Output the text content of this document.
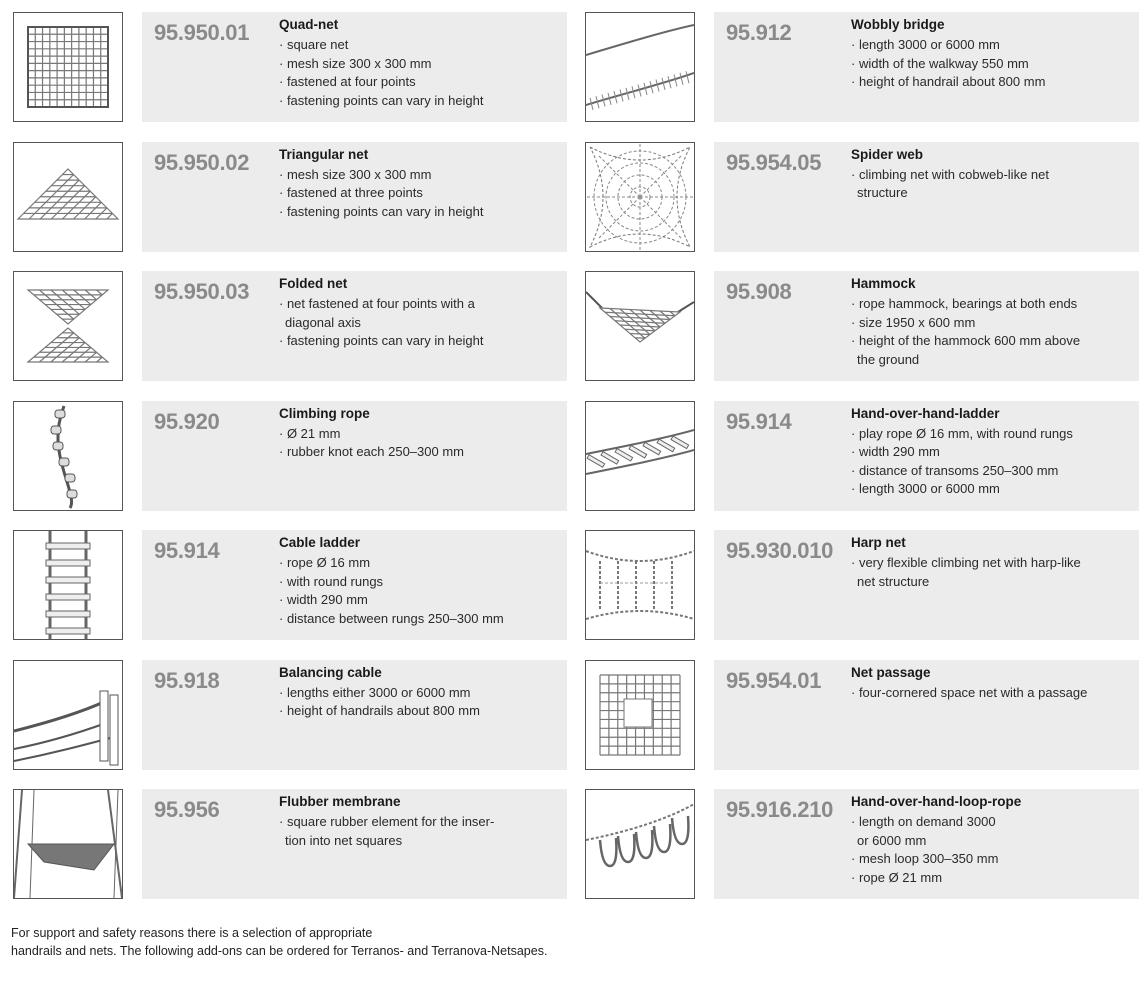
95.950.01 Quad-net
· square net
· mesh size 300 x 300 mm
· fastened at four points
· fastening points can vary in height
95.950.02 Triangular net
· mesh size 300 x 300 mm
· fastened at three points
· fastening points can vary in height
95.950.03 Folded net
· net fastened at four points with a
diagonal axis
· fastening points can vary in height
95.920	Climbing rope
· Ø 21 mm
· rubber knot each 250–300 mm
95.914	Cable ladder
· rope Ø 16 mm
· with round rungs
· width 290 mm
· distance between rungs 250–300 mm
95.918	Balancing cable
· lengths either 3000 or 6000 mm
· height of handrails about 800 mm
95.956	Flubber membrane
· square rubber element for the inser-
tion into net squares
95.912	Wobbly bridge
· length 3000 or 6000 mm
· width of the walkway 550 mm
· height of handrail about 800 mm
95.954.05 Spider web
· climbing net with cobweb-like net
structure
95.908	Hammock
· rope hammock, bearings at both ends
· size 1950 x 600 mm
· height of the hammock 600 mm above
the ground
95.914	Hand-over-hand-ladder
· play rope Ø 16 mm, with round rungs
· width 290 mm
· distance of transoms 250–300 mm
· length 3000 or 6000 mm
95.930.010 Harp net
· very flexible climbing net with harp-like
net structure
95.954.01 Net passage
· four-cornered space net with a passage
95.916.210 Hand-over-hand-loop-rope
· length on demand 3000
or 6000 mm
· mesh loop 300–350 mm
· rope Ø 21 mm
For support and safety reasons there is a selection of appropriate
handrails and nets. The following add-ons can be ordered for Terranos- and Terranova-Netsapes.
